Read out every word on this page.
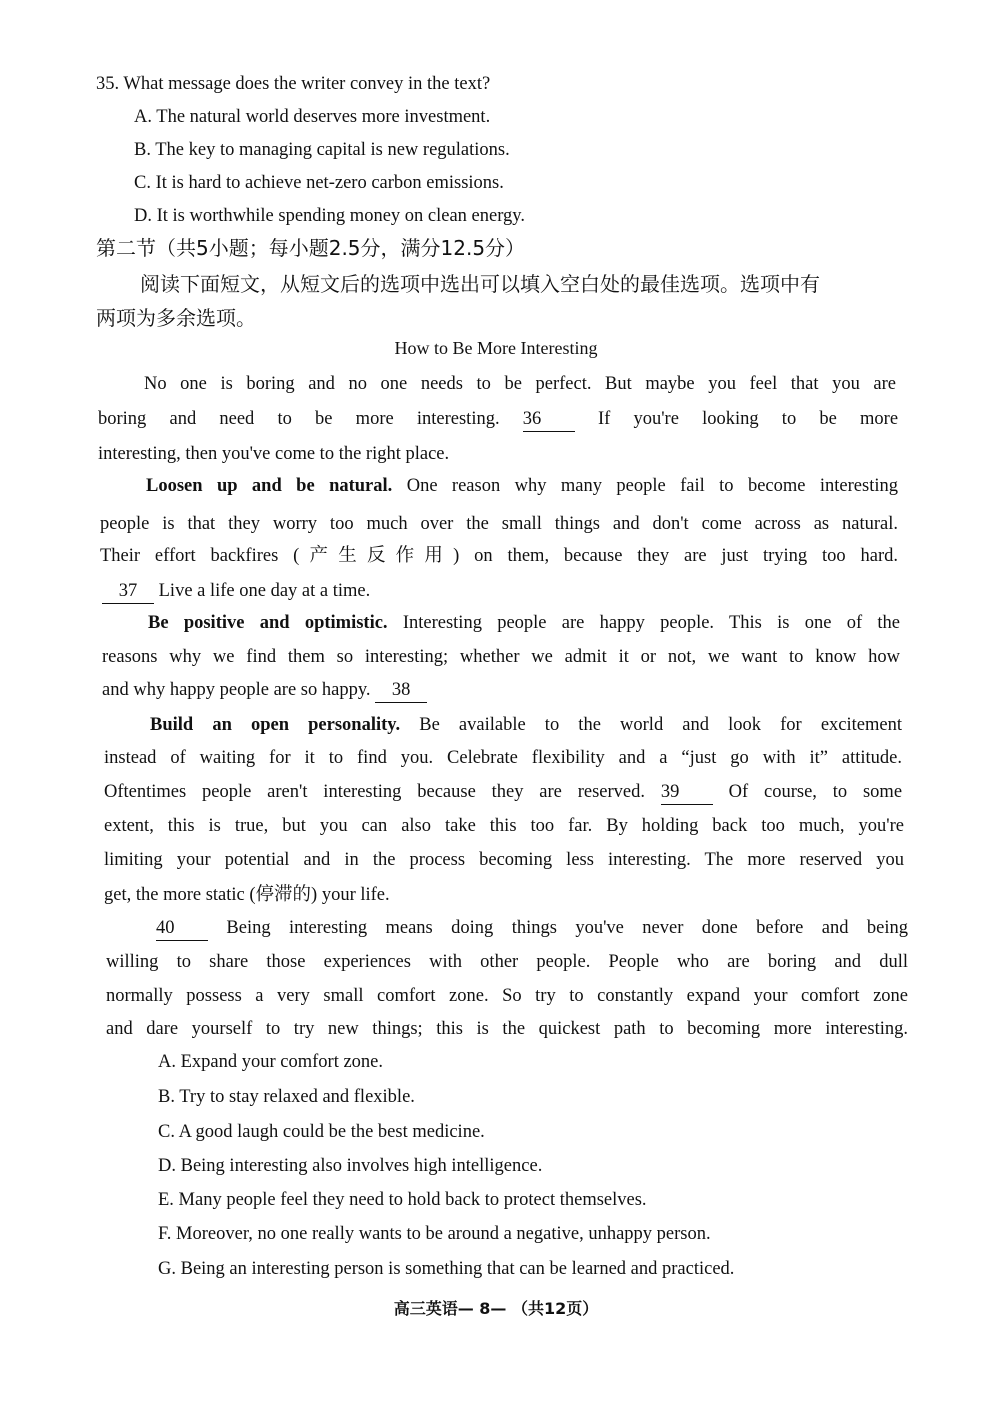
35. What message does the writer convey in the text?
A. The natural world deserves more investment.
B. The key to managing capital is new regulations.
C. It is hard to achieve net-zero carbon emissions.
D. It is worthwhile spending money on clean energy.
第二节（共5小题；每小题2.5分，满分12.5分）
阅读下面短文，从短文后的选项中选出可以填入空白处的最佳选项。选项中有
两项为多余选项。
How to Be More Interesting
No one is boring and no one needs to be perfect. But maybe you feel that you are
boring and need to be more interesting. 36	If you're looking to be more
interesting, then you've come to the right place.
Loosen up and be natural. One reason why many people fail to become interesting
people is that they worry too much over the small things and don't come across as natural.
Their effort backfires (产生反作用) on them, because they are just trying too hard.
37 Live a life one day at a time.
Be positive and optimistic. Interesting people are happy people. This is one of the
reasons why we find them so interesting; whether we admit it or not, we want to know how
and why happy people are so happy. 38
Build an open personality. Be available to the world and look for excitement
instead of waiting for it to find you. Celebrate flexibility and a “just go with it” attitude.
Oftentimes people aren't interesting because they are reserved. 39	Of course, to some
extent, this is true, but you can also take this too far. By holding back too much, you're
limiting your potential and in the process becoming less interesting. The more reserved you
get, the more static (停滞的) your life.
40	Being interesting means doing things you've never done before and being
willing to share those experiences with other people. People who are boring and dull
normally possess a very small comfort zone. So try to constantly expand your comfort zone
and dare yourself to try new things; this is the quickest path to becoming more interesting.
A. Expand your comfort zone.
B. Try to stay relaxed and flexible.
C. A good laugh could be the best medicine.
D. Being interesting also involves high intelligence.
E. Many people feel they need to hold back to protect themselves.
F. Moreover, no one really wants to be around a negative, unhappy person.
G. Being an interesting person is something that can be learned and practiced.
高三英语— 8— （共12页）
